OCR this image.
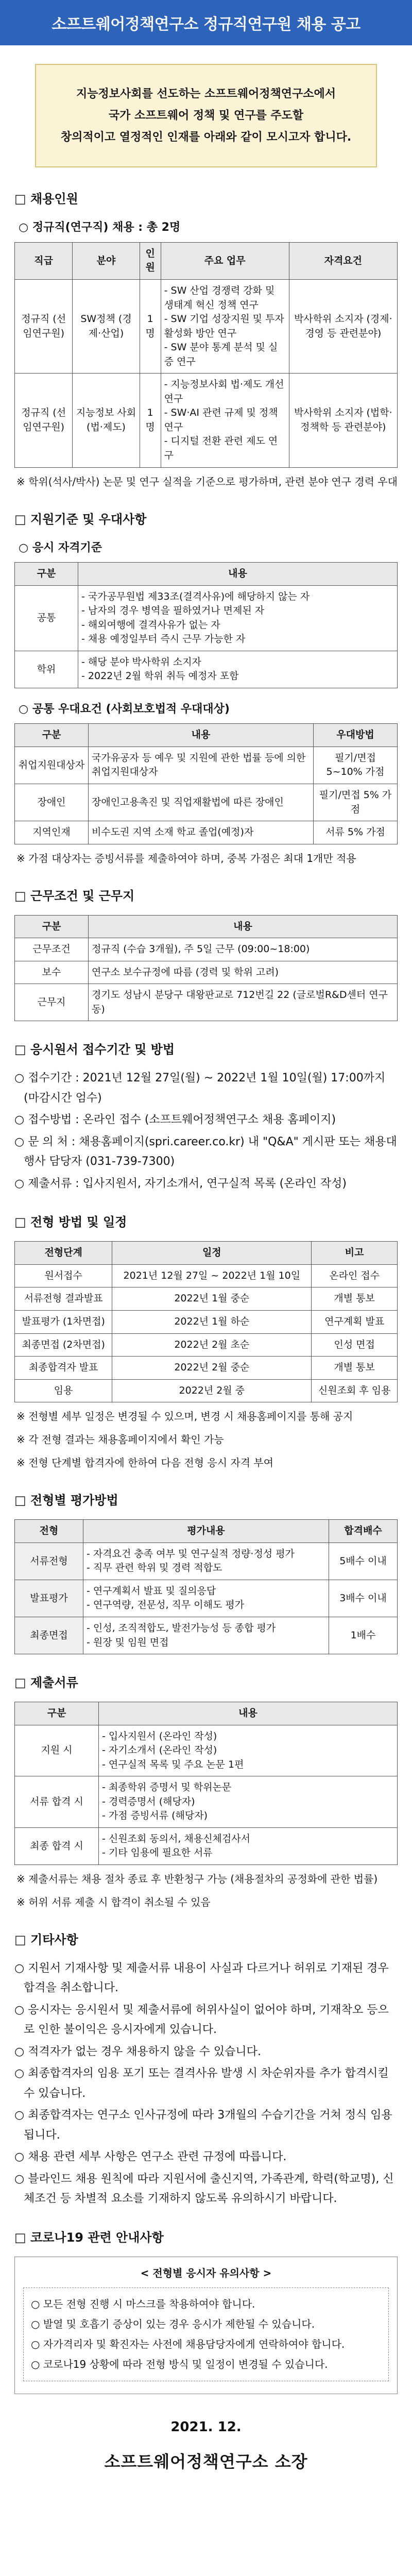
소프트웨어정책연구소 정규직연구원 채용 공고
지능정보사회를 선도하는 소프트웨어정책연구소에서
국가 소프트웨어 정책 및 연구를 주도할
창의적이고 열정적인 인재를 아래와 같이 모시고자 합니다.
□ 채용인원
○ 정규직(연구직) 채용 : 총 2명
직급	분야	인원	주요 업무	자격요건
정규직 (선임연구원)	SW정책 (경제·산업)	1명	- SW 산업 경쟁력 강화 및 생태계 혁신 정책 연구
- SW 기업 성장지원 및 투자 활성화 방안 연구
- SW 분야 통계 분석 및 실증 연구	박사학위 소지자 (경제·경영 등 관련분야)
정규직 (선임연구원)	지능정보 사회 (법·제도)	1명	- 지능정보사회 법·제도 개선 연구
- SW·AI 관련 규제 및 정책 연구
- 디지털 전환 관련 제도 연구	박사학위 소지자 (법학·정책학 등 관련분야)
※ 학위(석사/박사) 논문 및 연구 실적을 기준으로 평가하며, 관련 분야 연구 경력 우대
□ 지원기준 및 우대사항
○ 응시 자격기준
구분	내용
공통	- 국가공무원법 제33조(결격사유)에 해당하지 않는 자
- 남자의 경우 병역을 필하였거나 면제된 자
- 해외여행에 결격사유가 없는 자
- 채용 예정일부터 즉시 근무 가능한 자
학위	- 해당 분야 박사학위 소지자
- 2022년 2월 학위 취득 예정자 포함
○ 공통 우대요건 (사회보호법적 우대대상)
구분	내용	우대방법
취업지원대상자	국가유공자 등 예우 및 지원에 관한 법률 등에 의한 취업지원대상자	필기/면접 5~10% 가점
장애인	장애인고용촉진 및 직업재활법에 따른 장애인	필기/면접 5% 가점
지역인재	비수도권 지역 소재 학교 졸업(예정)자	서류 5% 가점
※ 가점 대상자는 증빙서류를 제출하여야 하며, 중복 가점은 최대 1개만 적용
□ 근무조건 및 근무지
구분	내용
근무조건	정규직 (수습 3개월), 주 5일 근무 (09:00~18:00)
보수	연구소 보수규정에 따름 (경력 및 학위 고려)
근무지	경기도 성남시 분당구 대왕판교로 712번길 22 (글로벌R&D센터 연구동)
□ 응시원서 접수기간 및 방법
○ 접수기간 : 2021년 12월 27일(월) ~ 2022년 1월 10일(월) 17:00까지 (마감시간 엄수)
○ 접수방법 : 온라인 접수 (소프트웨어정책연구소 채용 홈페이지)
○ 문 의 처 : 채용홈페이지(spri.career.co.kr) 내 "Q&A" 게시판 또는 채용대행사 담당자 (031-739-7300)
○ 제출서류 : 입사지원서, 자기소개서, 연구실적 목록 (온라인 작성)
□ 전형 방법 및 일정
전형단계	일정	비고
원서접수	2021년 12월 27일 ~ 2022년 1월 10일	온라인 접수
서류전형 결과발표	2022년 1월 중순	개별 통보
발표평가 (1차면접)	2022년 1월 하순	연구계획 발표
최종면접 (2차면접)	2022년 2월 초순	인성 면접
최종합격자 발표	2022년 2월 중순	개별 통보
임용	2022년 2월 중	신원조회 후 임용
※ 전형별 세부 일정은 변경될 수 있으며, 변경 시 채용홈페이지를 통해 공지
※ 각 전형 결과는 채용홈페이지에서 확인 가능
※ 전형 단계별 합격자에 한하여 다음 전형 응시 자격 부여
□ 전형별 평가방법
전형	평가내용	합격배수
서류전형	- 자격요건 충족 여부 및 연구실적 정량·정성 평가
- 직무 관련 학위 및 경력 적합도	5배수 이내
발표평가	- 연구계획서 발표 및 질의응답
- 연구역량, 전문성, 직무 이해도 평가	3배수 이내
최종면접	- 인성, 조직적합도, 발전가능성 등 종합 평가
- 원장 및 임원 면접	1배수
□ 제출서류
구분	내용
지원 시	- 입사지원서 (온라인 작성)
- 자기소개서 (온라인 작성)
- 연구실적 목록 및 주요 논문 1편
서류 합격 시	- 최종학위 증명서 및 학위논문
- 경력증명서 (해당자)
- 가점 증빙서류 (해당자)
최종 합격 시	- 신원조회 동의서, 채용신체검사서
- 기타 임용에 필요한 서류
※ 제출서류는 채용 절차 종료 후 반환청구 가능 (채용절차의 공정화에 관한 법률)
※ 허위 서류 제출 시 합격이 취소될 수 있음
□ 기타사항
○ 지원서 기재사항 및 제출서류 내용이 사실과 다르거나 허위로 기재된 경우 합격을 취소합니다.
○ 응시자는 응시원서 및 제출서류에 허위사실이 없어야 하며, 기재착오 등으로 인한 불이익은 응시자에게 있습니다.
○ 적격자가 없는 경우 채용하지 않을 수 있습니다.
○ 최종합격자의 임용 포기 또는 결격사유 발생 시 차순위자를 추가 합격시킬 수 있습니다.
○ 최종합격자는 연구소 인사규정에 따라 3개월의 수습기간을 거쳐 정식 임용됩니다.
○ 채용 관련 세부 사항은 연구소 관련 규정에 따릅니다.
○ 블라인드 채용 원칙에 따라 지원서에 출신지역, 가족관계, 학력(학교명), 신체조건 등 차별적 요소를 기재하지 않도록 유의하시기 바랍니다.
□ 코로나19 관련 안내사항
< 전형별 응시자 유의사항 >
○ 모든 전형 진행 시 마스크를 착용하여야 합니다.
○ 발열 및 호흡기 증상이 있는 경우 응시가 제한될 수 있습니다.
○ 자가격리자 및 확진자는 사전에 채용담당자에게 연락하여야 합니다.
○ 코로나19 상황에 따라 전형 방식 및 일정이 변경될 수 있습니다.
2021. 12.
소프트웨어정책연구소 소장
